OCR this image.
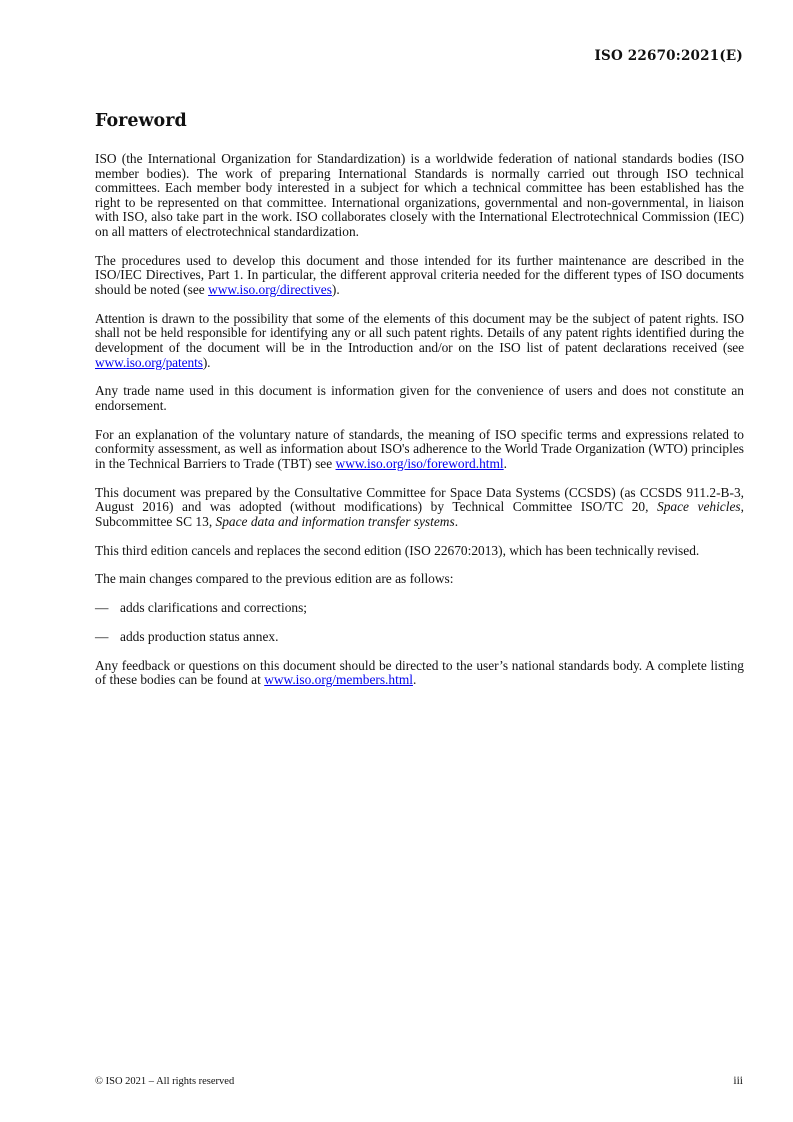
ISO 22670:2021(E)
Foreword

ISO (the International Organization for Standardization) is a worldwide federation of national standards bodies (ISO member bodies). The work of preparing International Standards is normally carried out through ISO technical committees. Each member body interested in a subject for which a technical committee has been established has the right to be represented on that committee. International organizations, governmental and non-governmental, in liaison with ISO, also take part in the work. ISO collaborates closely with the International Electrotechnical Commission (IEC) on all matters of electrotechnical standardization.

The procedures used to develop this document and those intended for its further maintenance are described in the ISO/IEC Directives, Part 1. In particular, the different approval criteria needed for the different types of ISO documents should be noted (see www.iso.org/directives).

Attention is drawn to the possibility that some of the elements of this document may be the subject of patent rights. ISO shall not be held responsible for identifying any or all such patent rights. Details of any patent rights identified during the development of the document will be in the Introduction and/or on the ISO list of patent declarations received (see www.iso.org/patents).

Any trade name used in this document is information given for the convenience of users and does not constitute an endorsement.

For an explanation of the voluntary nature of standards, the meaning of ISO specific terms and expressions related to conformity assessment, as well as information about ISO's adherence to the World Trade Organization (WTO) principles in the Technical Barriers to Trade (TBT) see www.iso.org/iso/foreword.html.

This document was prepared by the Consultative Committee for Space Data Systems (CCSDS) (as CCSDS 911.2-B-3, August 2016) and was adopted (without modifications) by Technical Committee ISO/TC 20, Space vehicles, Subcommittee SC 13, Space data and information transfer systems.

This third edition cancels and replaces the second edition (ISO 22670:2013), which has been technically revised.

The main changes compared to the previous edition are as follows:

— adds clarifications and corrections;
— adds production status annex.

Any feedback or questions on this document should be directed to the user’s national standards body. A complete listing of these bodies can be found at www.iso.org/members.html.

© ISO 2021 – All rights reserved	iii
